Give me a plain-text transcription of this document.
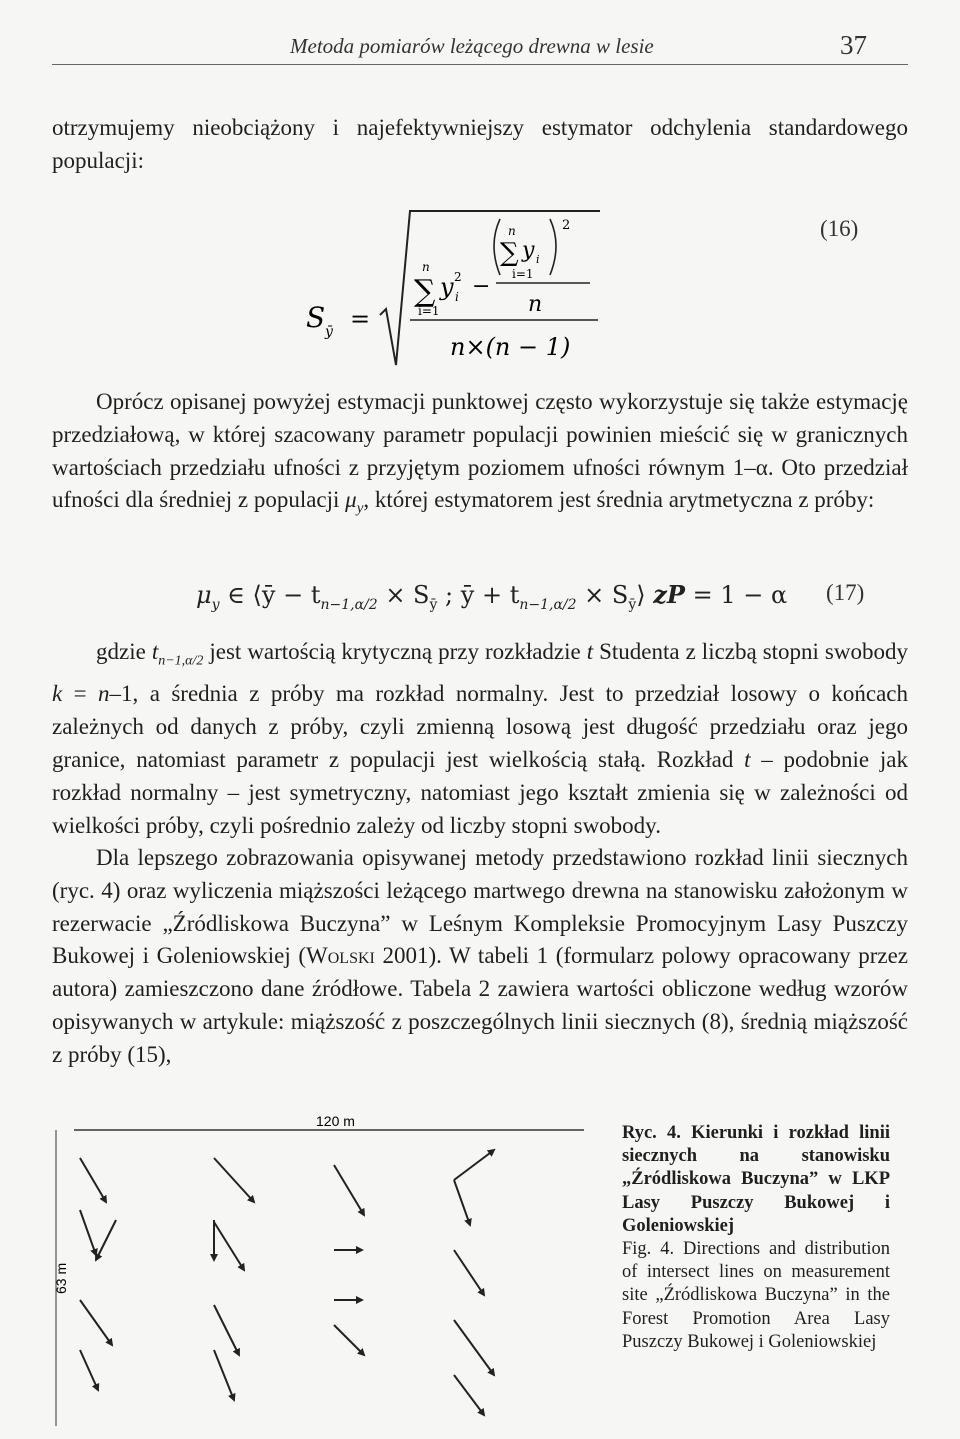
Metoda pomiarów leżącego drewna w lesie	37
otrzymujemy nieobciążony i najefektywniejszy estymator odchylenia standardowego populacji:
S ȳ =
n
∑
i=1
y 2
i −
n
∑ y i
i=1
2
n
n×(n − 1)
(16)
Oprócz opisanej powyżej estymacji punktowej często wykorzystuje się także estymację przedziałową, w której szacowany parametr populacji powinien mieścić się w granicznych wartościach przedziału ufności z przyjętym poziomem ufności równym 1–α. Oto przedział ufności dla średniej z populacji $\mu_y$, której estymatorem jest średnia arytmetyczna z próby:
$\mu_y$ ∈ ⟨ȳ − $t_{n-1,\alpha/2} \times S_ȳ$ ; ȳ + $t_{n-1,\alpha/2}$ × $S_ȳ⟩$ zP = 1 − α (17)
gdzie $t_{n-1,\alpha/2}$ jest wartością krytyczną przy rozkładzie t Studenta z liczbą stopni swobody k = n–1, a średnia z próby ma rozkład normalny. Jest to przedział losowy o końcach zależnych od danych z próby, czyli zmienną losową jest długość przedziału oraz jego granice, natomiast parametr z populacji jest wielkością stałą. Rozkład t – podobnie jak rozkład normalny – jest symetryczny, natomiast jego kształt zmienia się w zależności od wielkości próby, czyli pośrednio zależy od liczby stopni swobody.
Dla lepszego zobrazowania opisywanej metody przedstawiono rozkład linii siecznych (ryc. 4) oraz wyliczenia miąższości leżącego martwego drewna na stanowisku założonym w rezerwacie „Źródliskowa Buczyna” w Leśnym Kompleksie Promocyjnym Lasy Puszczy Bukowej i Goleniowskiej (Wolski 2001). W tabeli 1 (formularz polowy opracowany przez autora) zamieszczono dane źródłowe. Tabela 2 zawiera wartości obliczone według wzorów opisywanych w artykule: miąższość z poszczególnych linii siecznych (8), średnią miąższość z próby (15),
120 m
63 m
Ryc. 4. Kierunki i rozkład linii siecznych na stanowisku „Źródliskowa Buczyna” w LKP Lasy Puszczy Bukowej i Goleniowskiej
Fig. 4. Directions and distribution of intersect lines on measurement site „Źródliskowa Buczyna” in the Forest Promotion Area Lasy Puszczy Bukowej i Goleniowskiej
